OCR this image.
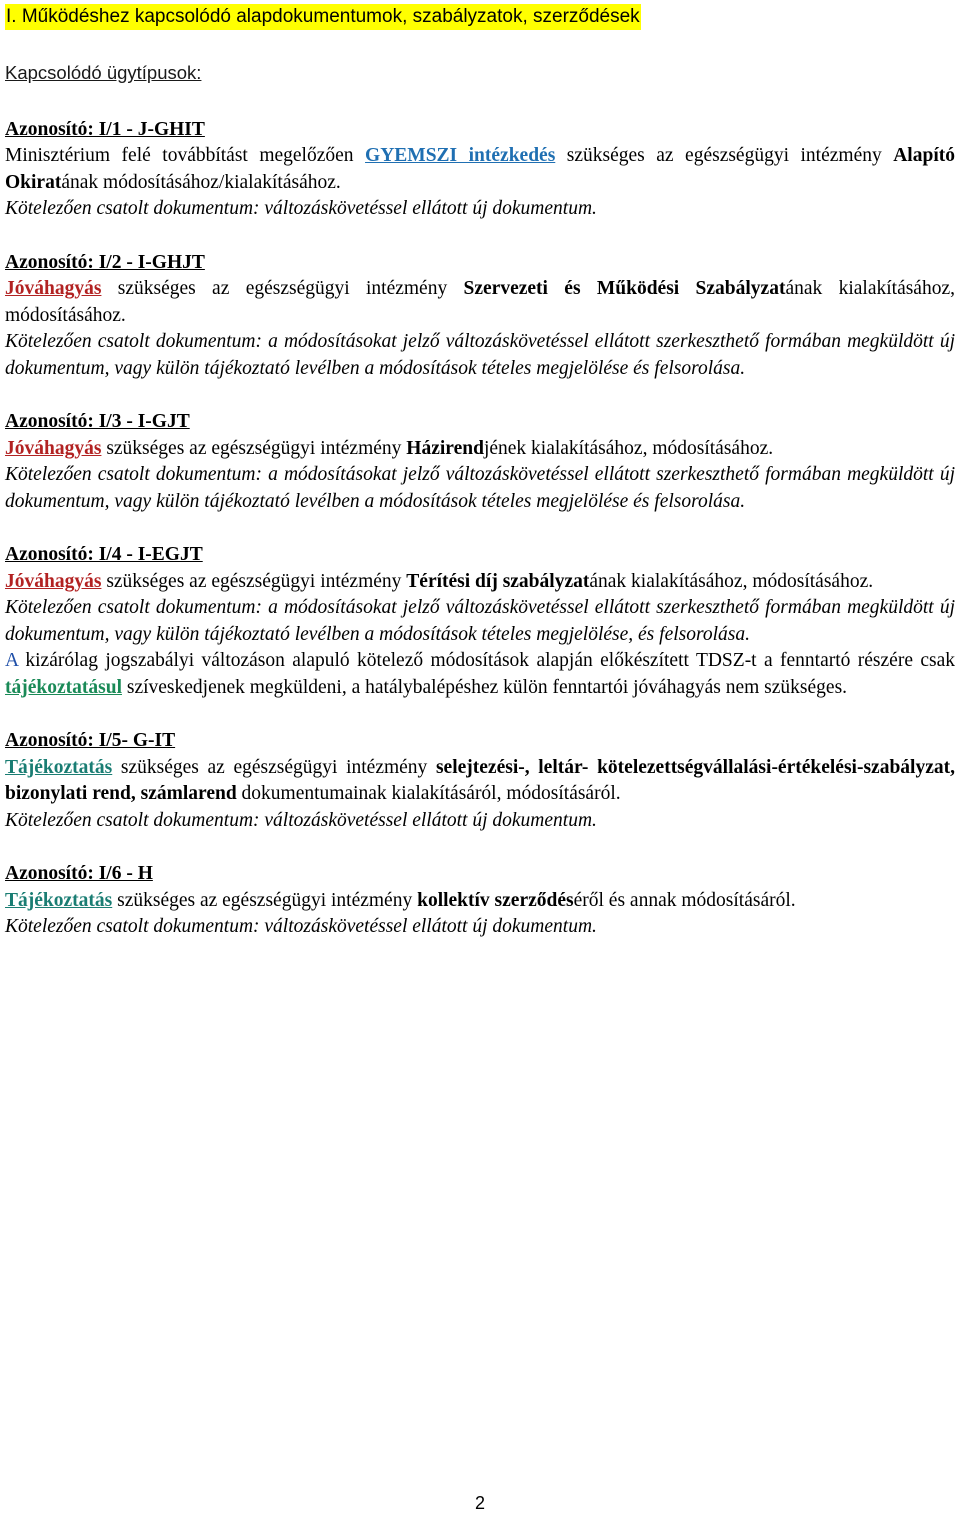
I. Működéshez kapcsolódó alapdokumentumok, szabályzatok, szerződések
Kapcsolódó ügytípusok:
Azonosító: I/1 - J-GHIT
Minisztérium felé továbbítást megelőzően GYEMSZI intézkedés szükséges az egészségügyi intézmény Alapító Okiratának módosításához/kialakításához.
Kötelezően csatolt dokumentum: változáskövetéssel ellátott új dokumentum.
Azonosító: I/2 - I-GHJT
Jóváhagyás szükséges az egészségügyi intézmény Szervezeti és Működési Szabályzatának kialakításához, módosításához.
Kötelezően csatolt dokumentum: a módosításokat jelző változáskövetéssel ellátott szerkeszthető formában megküldött új dokumentum, vagy külön tájékoztató levélben a módosítások tételes megjelölése és felsorolása.
Azonosító: I/3 - I-GJT
Jóváhagyás szükséges az egészségügyi intézmény Házirendjének kialakításához, módosításához.
Kötelezően csatolt dokumentum: a módosításokat jelző változáskövetéssel ellátott szerkeszthető formában megküldött új dokumentum, vagy külön tájékoztató levélben a módosítások tételes megjelölése és felsorolása.
Azonosító: I/4 - I-EGJT
Jóváhagyás szükséges az egészségügyi intézmény Térítési díj szabályzatának kialakításához, módosításához.
Kötelezően csatolt dokumentum: a módosításokat jelző változáskövetéssel ellátott szerkeszthető formában megküldött új dokumentum, vagy külön tájékoztató levélben a módosítások tételes megjelölése, és felsorolása.
A kizárólag jogszabályi változáson alapuló kötelező módosítások alapján előkészített TDSZ-t a fenntartó részére csak tájékoztatásul szíveskedjenek megküldeni, a hatálybalépéshez külön fenntartói jóváhagyás nem szükséges.
Azonosító: I/5- G-IT
Tájékoztatás szükséges az egészségügyi intézmény selejtezési-, leltár- kötelezettségvállalási-értékelési-szabályzat, bizonylati rend, számlarend dokumentumainak kialakításáról, módosításáról.
Kötelezően csatolt dokumentum: változáskövetéssel ellátott új dokumentum.
Azonosító: I/6 - H
Tájékoztatás szükséges az egészségügyi intézmény kollektív szerződéséről és annak módosításáról.
Kötelezően csatolt dokumentum: változáskövetéssel ellátott új dokumentum.
2
